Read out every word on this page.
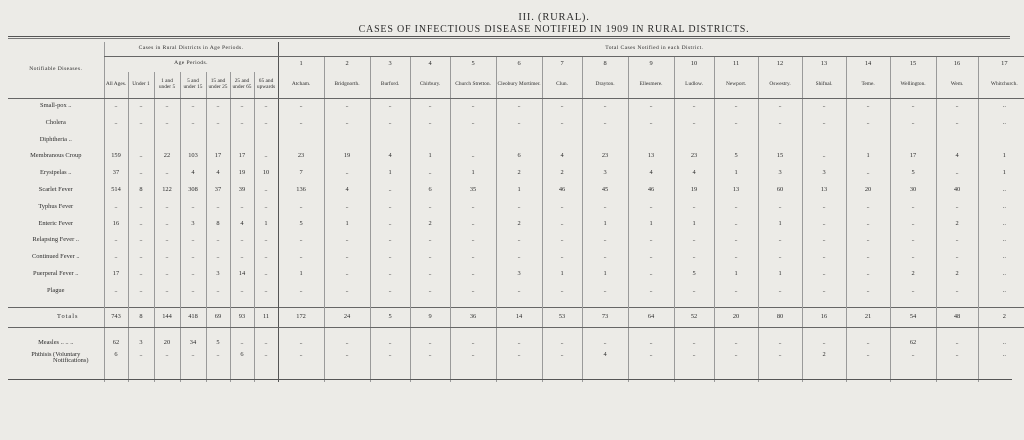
III. (RURAL).
CASES OF INFECTIOUS DISEASE NOTIFIED IN 1909 IN RURAL DISTRICTS.
Notifiable Diseases.	Cases in Rural Districts in Age Periods.							Total Cases Notified in each District.																
	Age Periods.							1	2	3	4	5	6	7	8	9	10	11	12	13	14	15	16	17
	All Ages.	Under 1	1 and under 5	5 and under 15	15 and under 25	25 and under 65	65 and upwards	Atcham.	Bridgnorth.	Burford.	Chirbury.	Church Stretton.	Cleobury Mortimer.	Clun.	Drayton.	Ellesmere.	Ludlow.	Newport.	Oswestry.	Shifnal.	Teme.	Wellington.	Wem.	Whitchurch.
Small-pox ..	..	..	..	..	..	..	..	..	..	..	..	..	..	..	..	..	..	..	..	..	..	..	..	..
Cholera	..	..	..	..	..	..	..	..	..	..	..	..	..	..	..	..	..	..	..	..	..	..	..	..
Diphtheria ..																								
Membranous Croup	159	..	22	103	17	17	..	23	19	4	1	..	6	4	23	13	23	5	15	..	1	17	4	1
Erysipelas ..	37	..	..	4	4	19	10	7	..	1	..	1	2	2	3	4	4	1	3	3	..	5	..	1
Scarlet Fever	514	8	122	308	37	39	..	136	4	..	6	35	1	46	45	46	19	13	60	13	20	30	40	..
Typhus Fever	..	..	..	..	..	..	..	..	..	..	..	..	..	..	..	..	..	..	..	..	..	..	..	..
Enteric Fever	16	..	..	3	8	4	1	5	1	..	2	..	2	..	1	1	1	..	1	..	..	..	2	..
Relapsing Fever ..	..	..	..	..	..	..	..	..	..	..	..	..	..	..	..	..	..	..	..	..	..	..	..	..
Continued Fever ..	..	..	..	..	..	..	..	..	..	..	..	..	..	..	..	..	..	..	..	..	..	..	..	..
Puerperal Fever ..	17	..	..	..	3	14	..	1	..	..	..	..	3	1	1	..	5	1	1	..	..	2	2	..
Plague	..	..	..	..	..	..	..	..	..	..	..	..	..	..	..	..	..	..	..	..	..	..	..	..

Totals	743	8	144	418	69	93	11	172	24	5	9	36	14	53	73	64	52	20	80	16	21	54	48	2

Measles .. .. ..	62	3	20	34	5	..	..	..	..	..	..	..	..	..	..	..	..	..	..	..	..	62	..	..
Phthisis (Voluntary
Notifications)	6	..	..	..	..	6	..	..	..	..	..	..	..	..	4	..	..	..	..	2	..	..	..	..
